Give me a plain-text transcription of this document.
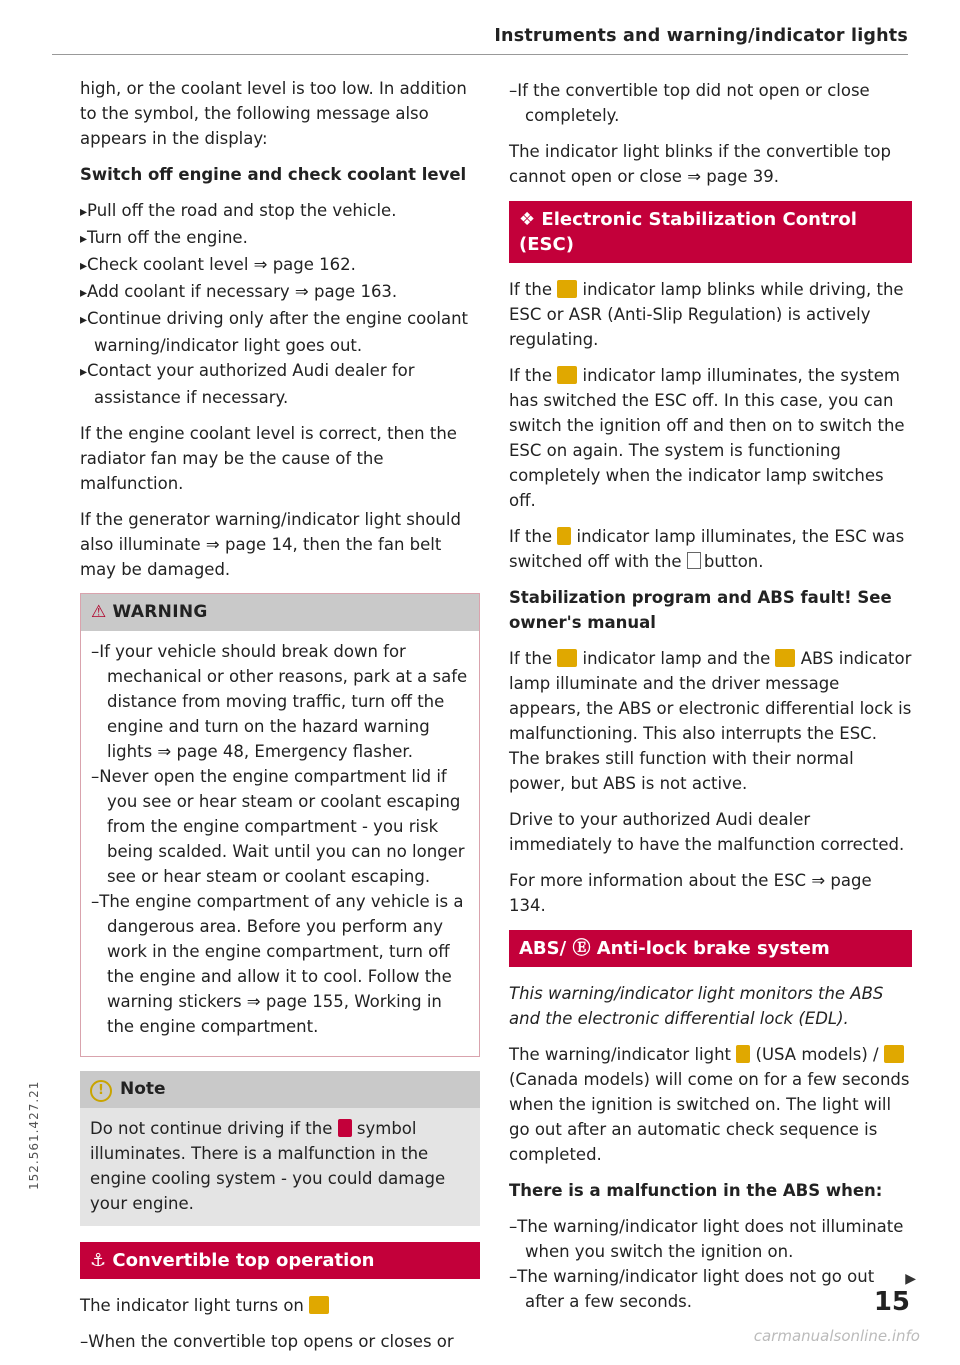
Instruments and warning/indicator lights

high, or the coolant level is too low. In addition to the symbol, the following message also appears in the display:

Switch off engine and check coolant level
▸ Pull off the road and stop the vehicle.
▸ Turn off the engine.
▸ Check coolant level ⇒ page 162.
▸ Add coolant if necessary ⇒ page 163.
▸ Continue driving only after the engine coolant warning/indicator light goes out.
▸ Contact your authorized Audi dealer for assistance if necessary.

If the engine coolant level is correct, then the radiator fan may be the cause of the malfunction.

If the generator warning/indicator light should also illuminate ⇒ page 14, then the fan belt may be damaged.

⚠ WARNING
– If your vehicle should break down for mechanical or other reasons, park at a safe distance from moving traffic, turn off the engine and turn on the hazard warning lights ⇒ page 48, Emergency flasher.
– Never open the engine compartment lid if you see or hear steam or coolant escaping from the engine compartment - you risk being scalded. Wait until you can no longer see or hear steam or coolant escaping.
– The engine compartment of any vehicle is a dangerous area. Before you perform any work in the engine compartment, turn off the engine and allow it to cool. Follow the warning stickers ⇒ page 155, Working in the engine compartment.
! Note
Do not continue driving if the symbol illuminates. There is a malfunction in the engine cooling system - you could damage your engine.
⚓ Convertible top operation

The indicator light turns on

– When the convertible top opens or closes or
– If the convertible top did not open or close completely.

The indicator light blinks if the convertible top cannot open or close ⇒ page 39.

❖ Electronic Stabilization Control (ESC)

If the indicator lamp blinks while driving, the ESC or ASR (Anti-Slip Regulation) is actively regulating.

If the indicator lamp illuminates, the system has switched the ESC off. In this case, you can switch the ignition off and then on to switch the ESC on again. The system is functioning completely when the indicator lamp switches off.

If the indicator lamp illuminates, the ESC was switched off with the button.

Stabilization program and ABS fault! See owner's manual

If the indicator lamp and the ABS indicator lamp illuminate and the driver message appears, the ABS or electronic differential lock is malfunctioning. This also interrupts the ESC. The brakes still function with their normal power, but ABS is not active.

Drive to your authorized Audi dealer immediately to have the malfunction corrected.

For more information about the ESC ⇒ page 134.

ABS/ Ⓔ Anti-lock brake system

This warning/indicator light monitors the ABS and the electronic differential lock (EDL).

The warning/indicator light (USA models) /  (Canada models) will come on for a few seconds when the ignition is switched on. The light will go out after an automatic check sequence is completed.

There is a malfunction in the ABS when:
– The warning/indicator light does not illuminate when you switch the ignition on.
– The warning/indicator light does not go out after a few seconds.
▶
15
152.561.427.21
carmanualsonline.info
